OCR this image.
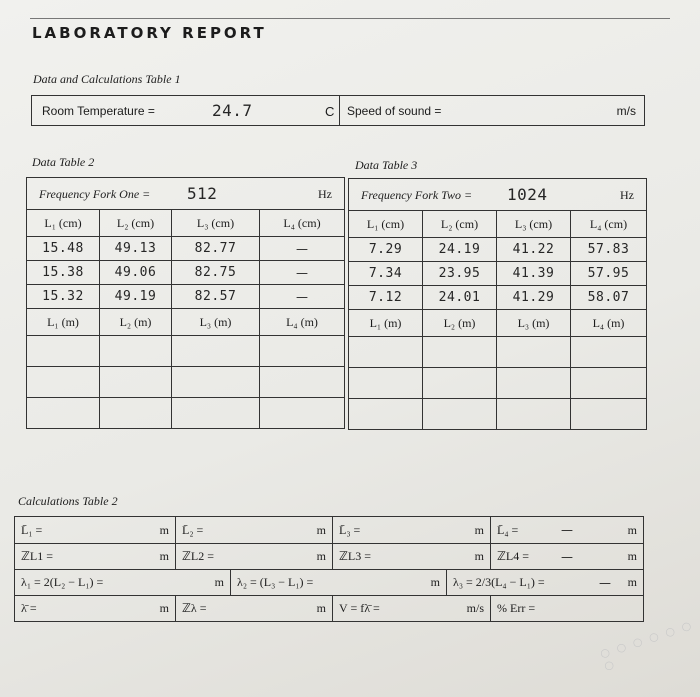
LABORATORY REPORT
Data and Calculations Table 1
Room Temperature =	24.7	C Speed of sound =	m/s
Data Table 2
Frequency Fork One = 512 Hz			

L₁ (cm)	L₂ (cm)	L₃ (cm)	L₄ (cm)
15.48	49.13	82.77	—
15.38	49.06	82.75	—
15.32	49.19	82.57	—
L₁ (m)	L₂ (m)	L₃ (m)	L₄ (m)

Data Table 3
Frequency Fork Two = 1024 Hz			

L₁ (cm)	L₂ (cm)	L₃ (cm)	L₄ (cm)
7.29	24.19	41.22	57.83
7.34	23.95	41.39	57.95
7.12	24.01	41.29	58.07
L₁ (m)	L₂ (m)	L₃ (m)	L₄ (m)

Calculations Table 2
L̄₁ =	m L̄₂ =	m L̄₃ =	m L̄₄ =	—	m
ℤL1 =	m ℤL2 =	m ℤL3 =	m ℤL4 =	—	m
λ₁ = 2(L₂ − L₁) =	m λ₂ = (L₃ − L₁) =	m λ₃ = 2/3(L₄ − L₁) =	— m
λ̄ =	m ℤλ =	m V = fλ̄ =	m/s % Err =
○ ○ ○ ○ ○ ○ ○
